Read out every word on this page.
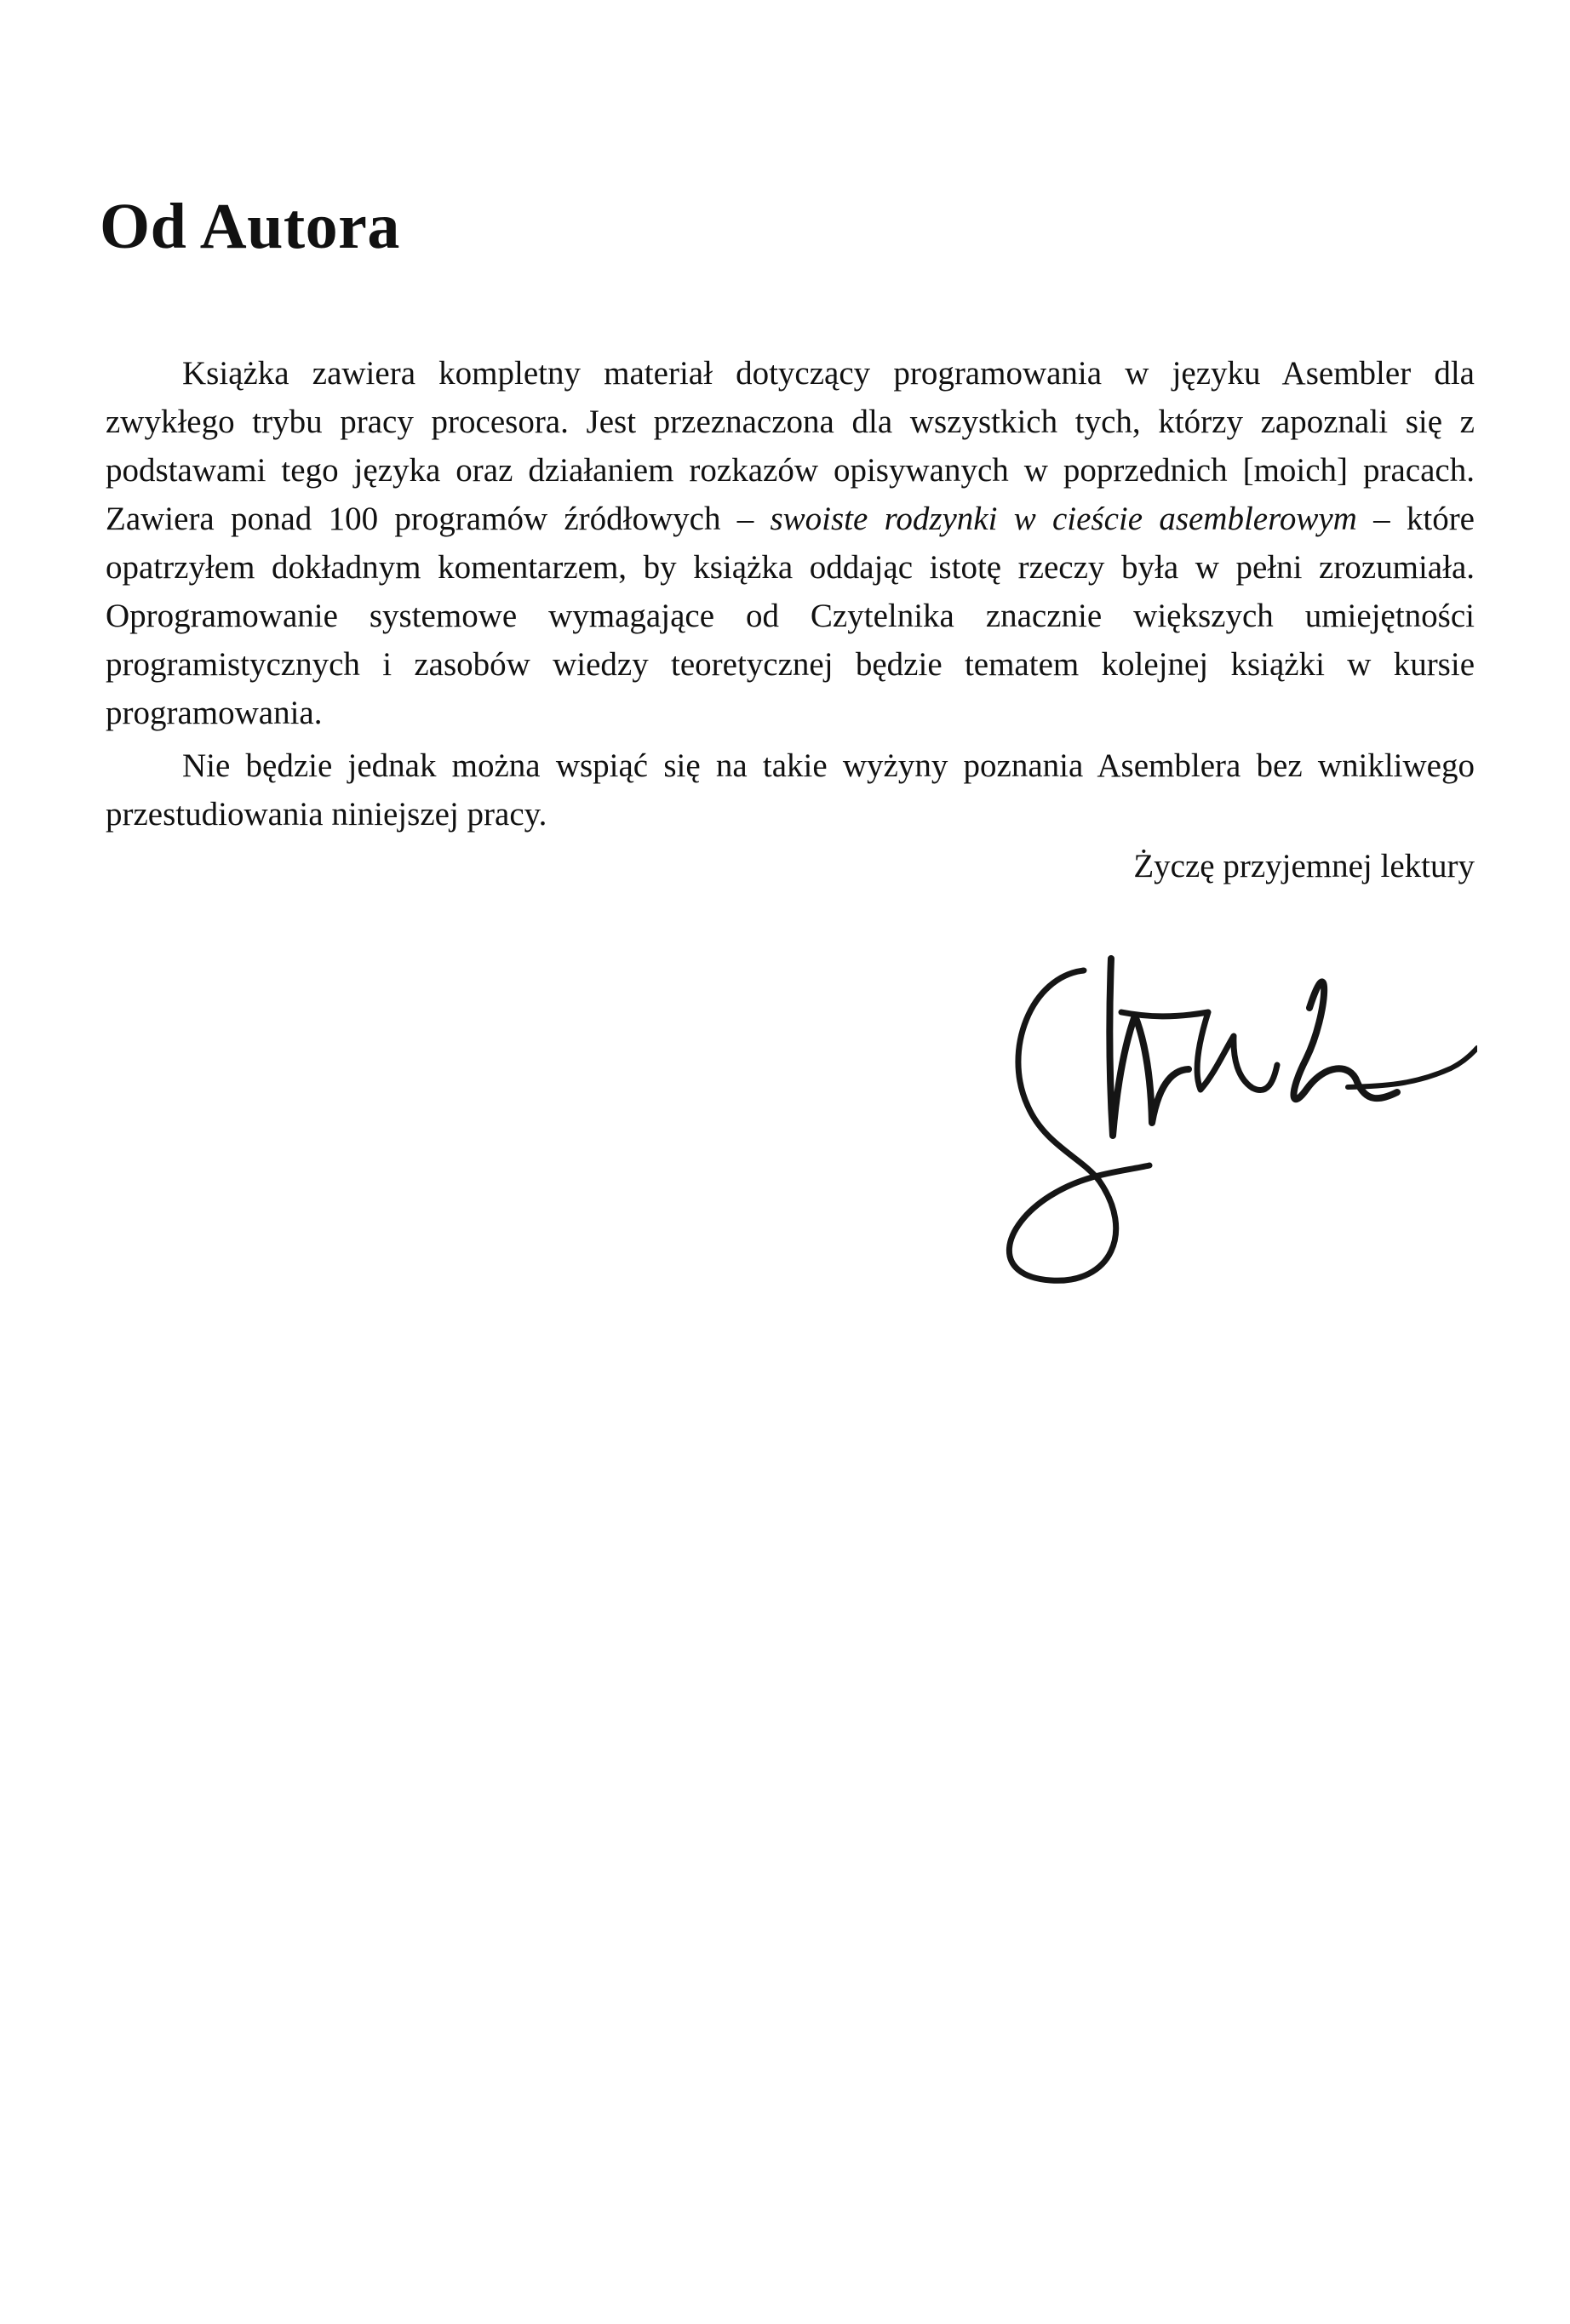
Od Autora

Książka zawiera kompletny materiał dotyczący programowania w języku Asembler dla zwykłego trybu pracy procesora. Jest przeznaczona dla wszystkich tych, którzy zapoznali się z podstawami tego języka oraz działaniem rozkazów opisywanych w poprzednich [moich] pracach. Zawiera ponad 100 programów źródłowych – swoiste rodzynki w cieście asemblerowym – które opatrzyłem dokładnym komentarzem, by książka oddając istotę rzeczy była w pełni zrozumiała. Oprogramowanie systemowe wymagające od Czytelnika znacznie większych umiejętności programistycznych i zasobów wiedzy teoretycznej będzie tematem kolejnej książki w kursie programowania.

Nie będzie jednak można wspiąć się na takie wyżyny poznania Asemblera bez wnikliwego przestudiowania niniejszej pracy.

Życzę przyjemnej lektury
